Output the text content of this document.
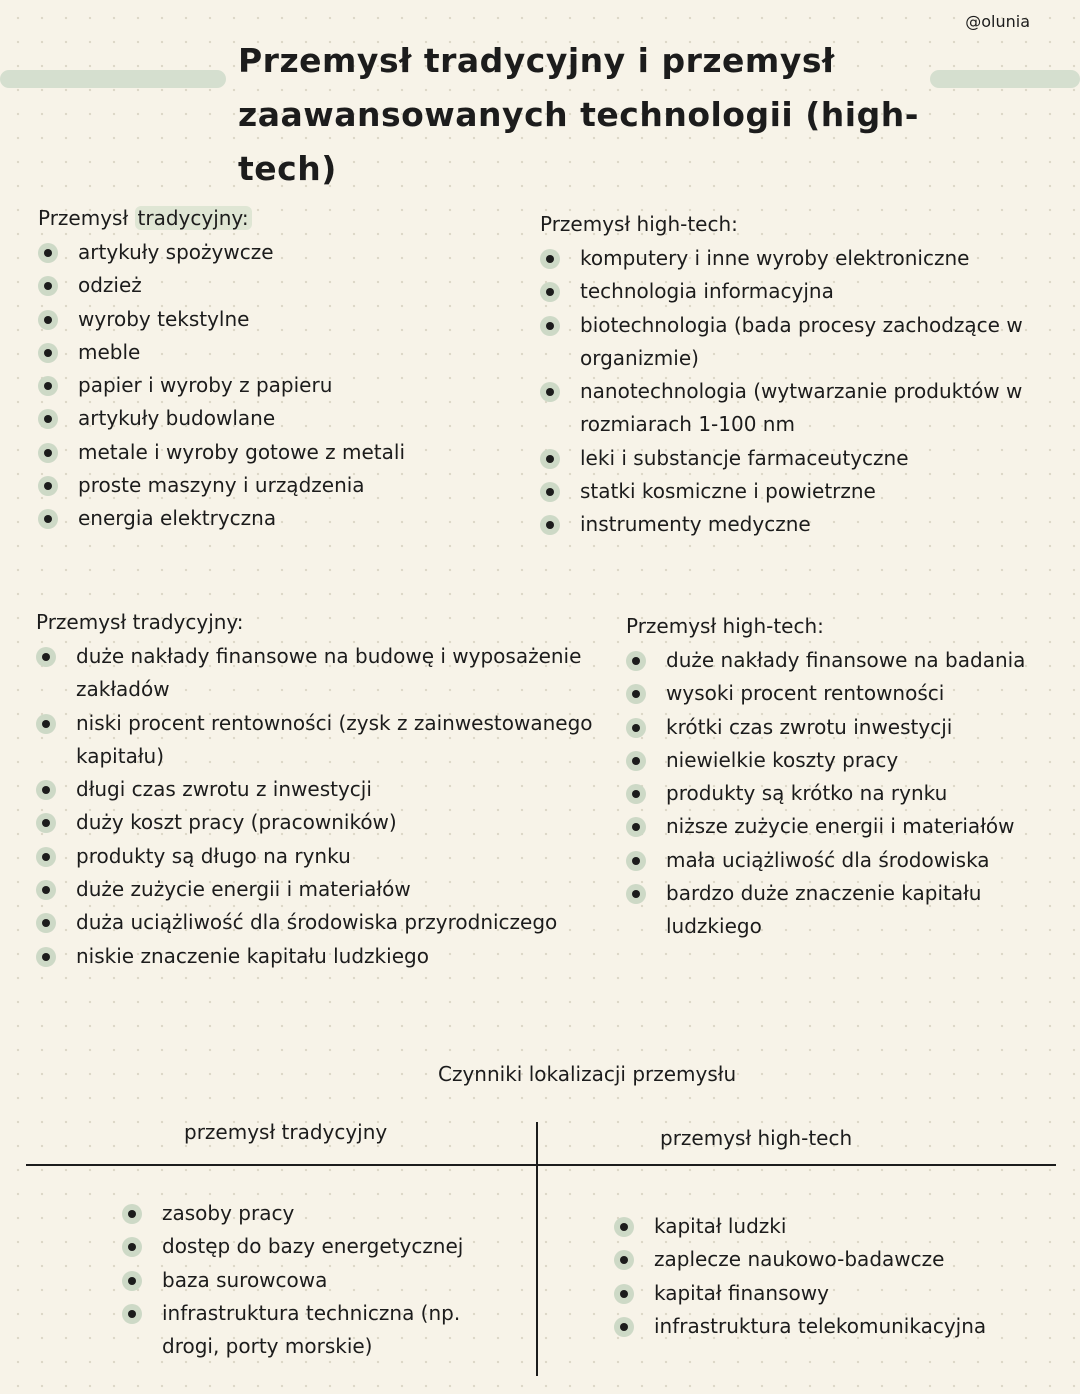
@olunia
Przemysł tradycyjny i przemysł
zaawansowanych technologii (high-tech)
Przemysł tradycyjny:
artykuły spożywcze
odzież
wyroby tekstylne
meble
papier i wyroby z papieru
artykuły budowlane
metale i wyroby gotowe z metali
proste maszyny i urządzenia
energia elektryczna
Przemysł high-tech:
komputery i inne wyroby elektroniczne
technologia informacyjna
biotechnologia (bada procesy zachodzące w organizmie)
nanotechnologia (wytwarzanie produktów w rozmiarach 1-100 nm
leki i substancje farmaceutyczne
statki kosmiczne i powietrzne
instrumenty medyczne
Przemysł tradycyjny:
duże nakłady finansowe na budowę i wyposażenie zakładów
niski procent rentowności (zysk z zainwestowanego kapitału)
długi czas zwrotu z inwestycji
duży koszt pracy (pracowników)
produkty są długo na rynku
duże zużycie energii i materiałów
duża uciążliwość dla środowiska przyrodniczego
niskie znaczenie kapitału ludzkiego
Przemysł high-tech:
duże nakłady finansowe na badania
wysoki procent rentowności
krótki czas zwrotu inwestycji
niewielkie koszty pracy
produkty są krótko na rynku
niższe zużycie energii i materiałów
mała uciążliwość dla środowiska
bardzo duże znaczenie kapitału ludzkiego
Czynniki lokalizacji przemysłu
przemysł tradycyjny	przemysł high-tech
zasoby pracy
dostęp do bazy energetycznej
baza surowcowa
infrastruktura techniczna (np. drogi, porty morskie)
kapitał ludzki
zaplecze naukowo-badawcze
kapitał finansowy
infrastruktura telekomunikacyjna
